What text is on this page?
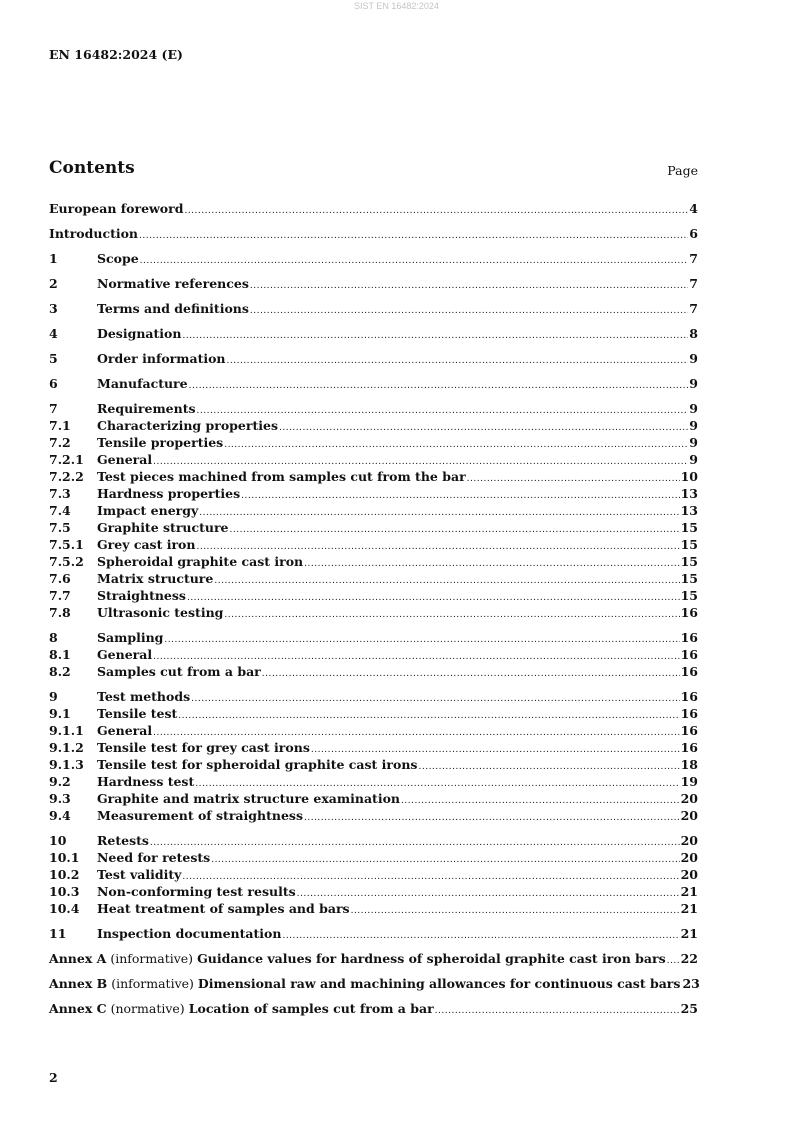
SIST EN 16482:2024
EN 16482:2024 (E)
Contents	Page
European foreword .....	4
Introduction .....	6
1	Scope .....	7
2	Normative references .....	7
3	Terms and definitions .....	7
4	Designation .....	8
5	Order information .....	9
6	Manufacture .....	9
7	Requirements .....	9
7.1	Characterizing properties .....	9
7.2	Tensile properties .....	9
7.2.1	General .....	9
7.2.2	Test pieces machined from samples cut from the bar .....	10
7.3	Hardness properties .....	13
7.4	Impact energy .....	13
7.5	Graphite structure .....	15
7.5.1	Grey cast iron .....	15
7.5.2	Spheroidal graphite cast iron .....	15
7.6	Matrix structure .....	15
7.7	Straightness .....	15
7.8	Ultrasonic testing .....	16
8	Sampling .....	16
8.1	General .....	16
8.2	Samples cut from a bar .....	16
9	Test methods .....	16
9.1	Tensile test .....	16
9.1.1	General .....	16
9.1.2	Tensile test for grey cast irons .....	16
9.1.3	Tensile test for spheroidal graphite cast irons .....	18
9.2	Hardness test .....	19
9.3	Graphite and matrix structure examination .....	20
9.4	Measurement of straightness .....	20
10	Retests .....	20
10.1	Need for retests .....	20
10.2	Test validity .....	20
10.3	Non-conforming test results .....	21
10.4	Heat treatment of samples and bars .....	21
11	Inspection documentation .....	21
Annex A (informative) Guidance values for hardness of spheroidal graphite cast iron bars ..... 22
Annex B (informative) Dimensional raw and machining allowances for continuous cast bars 23
Annex C (normative) Location of samples cut from a bar .....	25
2
